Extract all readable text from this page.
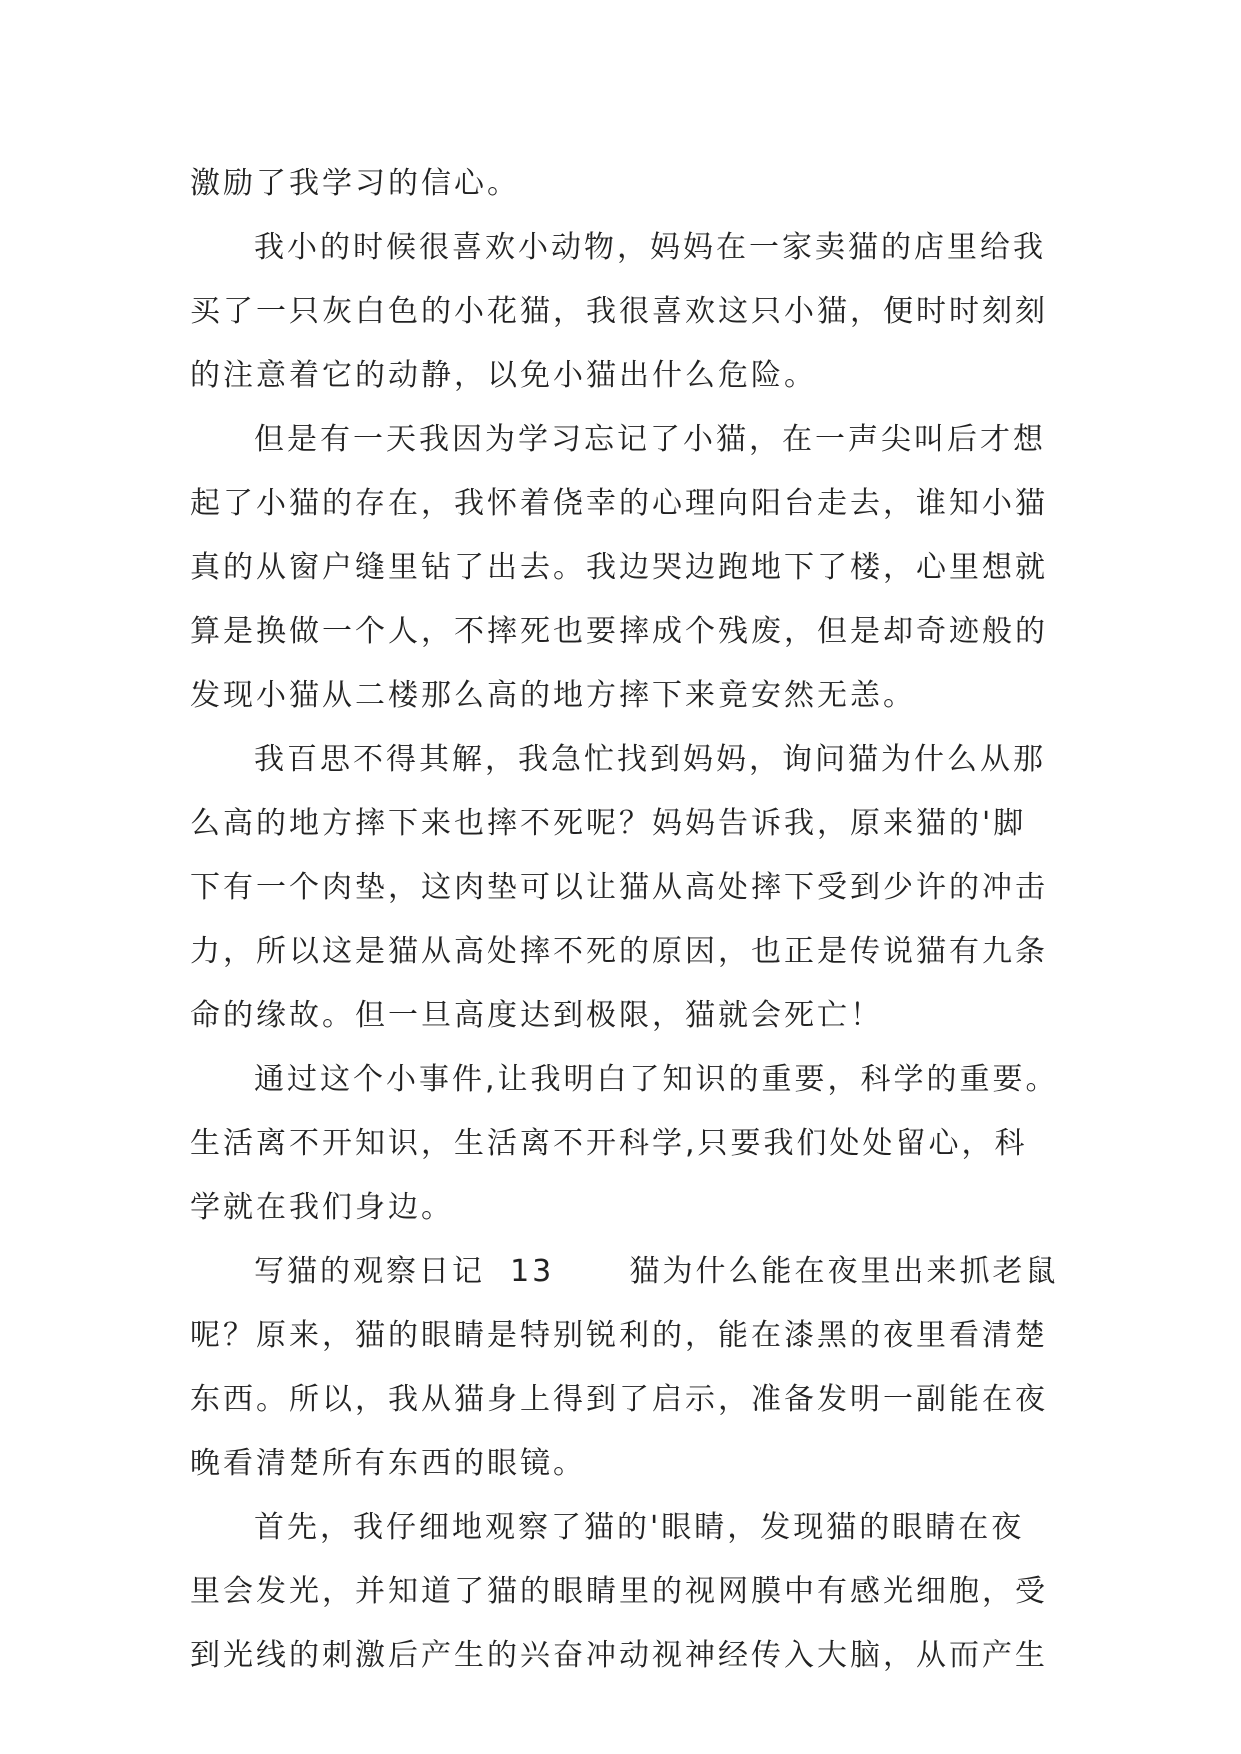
激励了我学习的信心。
我小的时候很喜欢小动物，妈妈在一家卖猫的店里给我
买了一只灰白色的小花猫，我很喜欢这只小猫，便时时刻刻
的注意着它的动静，以免小猫出什么危险。
但是有一天我因为学习忘记了小猫，在一声尖叫后才想
起了小猫的存在，我怀着侥幸的心理向阳台走去，谁知小猫
真的从窗户缝里钻了出去。我边哭边跑地下了楼，心里想就
算是换做一个人，不摔死也要摔成个残废，但是却奇迹般的
发现小猫从二楼那么高的地方摔下来竟安然无恙。
我百思不得其解，我急忙找到妈妈，询问猫为什么从那
么高的地方摔下来也摔不死呢？妈妈告诉我，原来猫的'脚
下有一个肉垫，这肉垫可以让猫从高处摔下受到少许的冲击
力，所以这是猫从高处摔不死的原因，也正是传说猫有九条
命的缘故。但一旦高度达到极限，猫就会死亡！
通过这个小事件,让我明白了知识的重要，科学的重要。
生活离不开知识，生活离不开科学,只要我们处处留心，科
学就在我们身边。
写猫的观察日记  13      猫为什么能在夜里出来抓老鼠
呢？原来，猫的眼睛是特别锐利的，能在漆黑的夜里看清楚
东西。所以，我从猫身上得到了启示，准备发明一副能在夜
晚看清楚所有东西的眼镜。
首先，我仔细地观察了猫的'眼睛，发现猫的眼睛在夜
里会发光，并知道了猫的眼睛里的视网膜中有感光细胞，受
到光线的刺激后产生的兴奋冲动视神经传入大脑，从而产生
